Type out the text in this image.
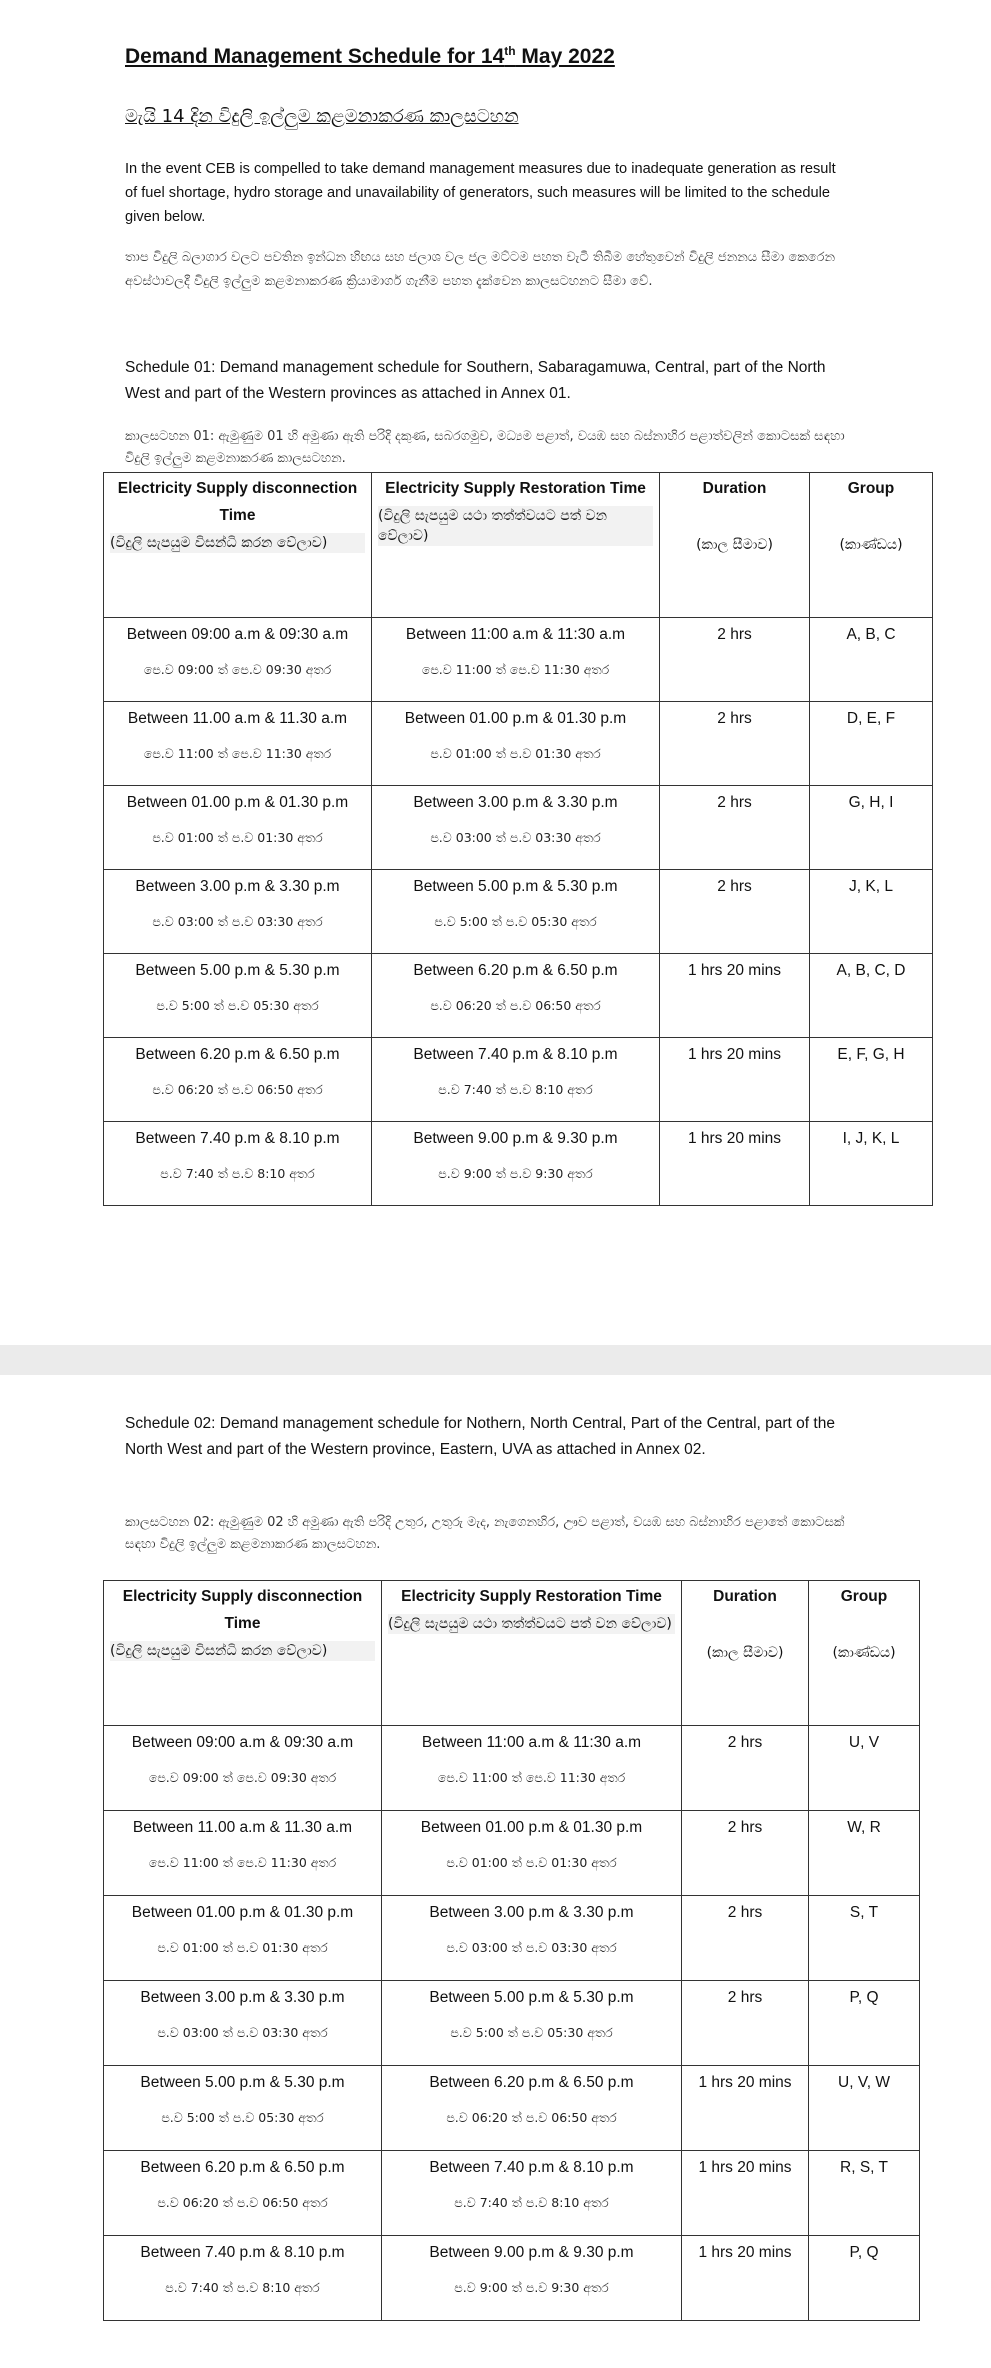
Demand Management Schedule for 14th May 2022
මැයි 14 දින විදුලි ඉල්ලුම කළමනාකරණ කාලසටහන

In the event CEB is compelled to take demand management measures due to inadequate generation as result of fuel shortage, hydro storage and unavailability of generators, such measures will be limited to the schedule given below.

තාප විදුලි බලාගාර වලට පවතින ඉන්ධන හිඟය සහ ජලාශ වල ජල මට්ටම පහත වැටී තිබීම හේතුවෙන් විදුලි ජනනය සීමා කෙරෙන අවස්ථාවලදී විදුලි ඉල්ලුම කළමනාකරණ ක්‍රියාමාර්ග ගැනීම පහත දැක්වෙන කාලසටහනට සීමා වේ.

Schedule 01: Demand management schedule for Southern, Sabaragamuwa, Central, part of the North West and part of the Western provinces as attached in Annex 01.

කාලසටහන 01: ඇමුණුම 01 හි අමුණා ඇති පරිදි දකුණ, සබරගමුව, මධ්‍යම පළාත්, වයඹ සහ බස්නාහිර පළාත්වලින් කොටසක් සඳහා විදුලි ඉල්ලුම කළමනාකරණ කාලසටහන.

Electricity Supply disconnection Time
(විදුලි සැපයුම විසන්ධි කරන වේලාව)	Electricity Supply Restoration Time
(විදුලි සැපයුම යථා තත්ත්වයට පත් වන වේලාව)	Duration
(කාල සීමාව)	Group
(කාණ්ඩය)

Between 09:00 a.m & 09:30 a.m
පෙ.ව 09:00 ත් පෙ.ව 09:30 අතර	Between 11:00 a.m & 11:30 a.m
පෙ.ව 11:00 ත් පෙ.ව 11:30 අතර	2 hrs	A, B, C

Between 11.00 a.m & 11.30 a.m
පෙ.ව 11:00 ත් පෙ.ව 11:30 අතර	Between 01.00 p.m & 01.30 p.m
ප.ව 01:00 ත් ප.ව 01:30 අතර	2 hrs	D, E, F

Between 01.00 p.m & 01.30 p.m
ප.ව 01:00 ත් ප.ව 01:30 අතර	Between 3.00 p.m & 3.30 p.m
ප.ව 03:00 ත් ප.ව 03:30 අතර	2 hrs	G, H, I

Between 3.00 p.m & 3.30 p.m
ප.ව 03:00 ත් ප.ව 03:30 අතර	Between 5.00 p.m & 5.30 p.m
ප.ව 5:00 ත් ප.ව 05:30 අතර	2 hrs	J, K, L

Between 5.00 p.m & 5.30 p.m
ප.ව 5:00 ත් ප.ව 05:30 අතර	Between 6.20 p.m & 6.50 p.m
ප.ව 06:20 ත් ප.ව 06:50 අතර	1 hrs 20 mins	A, B, C, D

Between 6.20 p.m & 6.50 p.m
ප.ව 06:20 ත් ප.ව 06:50 අතර	Between 7.40 p.m & 8.10 p.m
ප.ව 7:40 ත් ප.ව 8:10 අතර	1 hrs 20 mins	E, F, G, H

Between 7.40 p.m & 8.10 p.m
ප.ව 7:40 ත් ප.ව 8:10 අතර	Between 9.00 p.m & 9.30 p.m
ප.ව 9:00 ත් ප.ව 9:30 අතර	1 hrs 20 mins	I, J, K, L

Schedule 02: Demand management schedule for Nothern, North Central, Part of the Central, part of the North West and part of the Western province, Eastern, UVA as attached in Annex 02.

කාලසටහන 02: ඇමුණුම 02 හි අමුණා ඇති පරිදි උතුර, උතුරු මැද, නැගෙනහිර, ඌව පළාත්, වයඹ සහ බස්නාහිර පළාතේ කොටසක් සඳහා විදුලි ඉල්ලුම කළමනාකරණ කාලසටහන.

Electricity Supply disconnection Time
(විදුලි සැපයුම විසන්ධි කරන වේලාව)	Electricity Supply Restoration Time
(විදුලි සැපයුම යථා තත්ත්වයට පත් වන වේලාව)	Duration
(කාල සීමාව)	Group
(කාණ්ඩය)

Between 09:00 a.m & 09:30 a.m
පෙ.ව 09:00 ත් පෙ.ව 09:30 අතර	Between 11:00 a.m & 11:30 a.m
පෙ.ව 11:00 ත් පෙ.ව 11:30 අතර	2 hrs	U, V

Between 11.00 a.m & 11.30 a.m
පෙ.ව 11:00 ත් පෙ.ව 11:30 අතර	Between 01.00 p.m & 01.30 p.m
ප.ව 01:00 ත් ප.ව 01:30 අතර	2 hrs	W, R

Between 01.00 p.m & 01.30 p.m
ප.ව 01:00 ත් ප.ව 01:30 අතර	Between 3.00 p.m & 3.30 p.m
ප.ව 03:00 ත් ප.ව 03:30 අතර	2 hrs	S, T

Between 3.00 p.m & 3.30 p.m
ප.ව 03:00 ත් ප.ව 03:30 අතර	Between 5.00 p.m & 5.30 p.m
ප.ව 5:00 ත් ප.ව 05:30 අතර	2 hrs	P, Q

Between 5.00 p.m & 5.30 p.m
ප.ව 5:00 ත් ප.ව 05:30 අතර	Between 6.20 p.m & 6.50 p.m
ප.ව 06:20 ත් ප.ව 06:50 අතර	1 hrs 20 mins	U, V, W

Between 6.20 p.m & 6.50 p.m
ප.ව 06:20 ත් ප.ව 06:50 අතර	Between 7.40 p.m & 8.10 p.m
ප.ව 7:40 ත් ප.ව 8:10 අතර	1 hrs 20 mins	R, S, T

Between 7.40 p.m & 8.10 p.m
ප.ව 7:40 ත් ප.ව 8:10 අතර	Between 9.00 p.m & 9.30 p.m
ප.ව 9:00 ත් ප.ව 9:30 අතර	1 hrs 20 mins	P, Q
